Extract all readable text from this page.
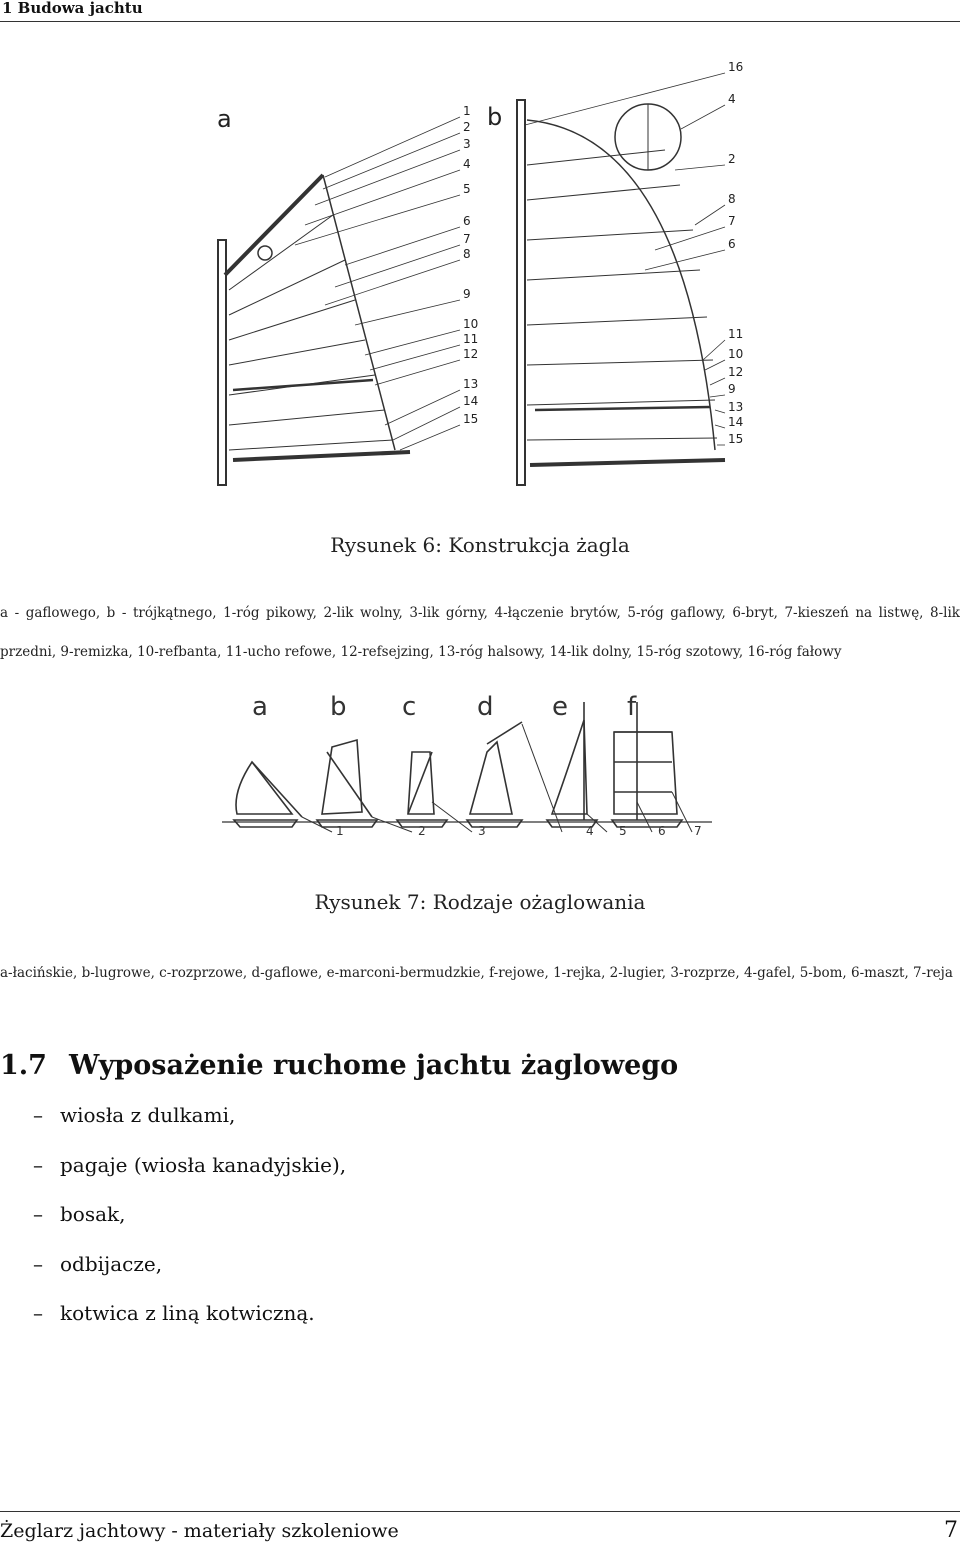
1 Budowa jachtu
a	b
1
2
3
4
5
6
7
8
9
10
11
12
13
14
15
16
4
2
8
7
6
11
10
12
9
13
14
15
Rysunek 6: Konstrukcja żagla
a - gaflowego, b - trójkątnego, 1-róg pikowy, 2-lik wolny, 3-lik górny, 4-łączenie brytów, 5-róg gaflowy, 6-bryt, 7-kieszeń na listwę, 8-lik przedni, 9-remizka, 10-refbanta, 11-ucho refowe, 12-refsejzing, 13-róg halsowy, 14-lik dolny, 15-róg szotowy, 16-róg fałowy
a b c d e f
1	2	3	4 5	6 7
Rysunek 7: Rodzaje ożaglowania
a-łacińskie, b-lugrowe, c-rozprzowe, d-gaflowe, e-marconi-bermudzkie, f-rejowe, 1-rejka, 2-lugier, 3-rozprze, 4-gafel, 5-bom, 6-maszt, 7-reja
1.7 Wyposażenie ruchome jachtu żaglowego
– wiosła z dulkami,
– pagaje (wiosła kanadyjskie),
– bosak,
– odbijacze,
– kotwica z liną kotwiczną.
Żeglarz jachtowy - materiały szkoleniowe	7
